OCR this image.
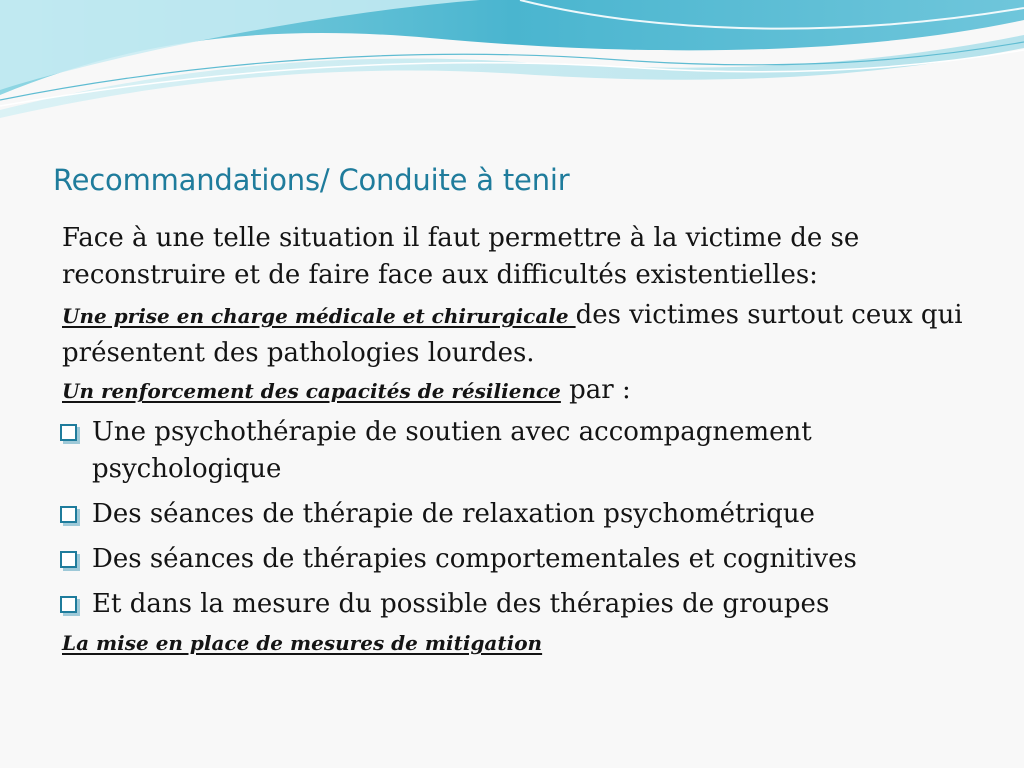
Recommandations/ Conduite à tenir

Face à une telle situation il faut permettre à la victime de se reconstruire et de faire face aux difficultés existentielles:

Une prise en charge médicale et chirurgicale des victimes surtout ceux qui présentent des pathologies lourdes.

Un renforcement des capacités de résilience par :

Une psychothérapie de soutien avec accompagnement psychologique
Des séances de thérapie de relaxation psychométrique
Des séances de thérapies comportementales et cognitives
Et dans la mesure du possible des thérapies de groupes

La mise en place de mesures de mitigation
